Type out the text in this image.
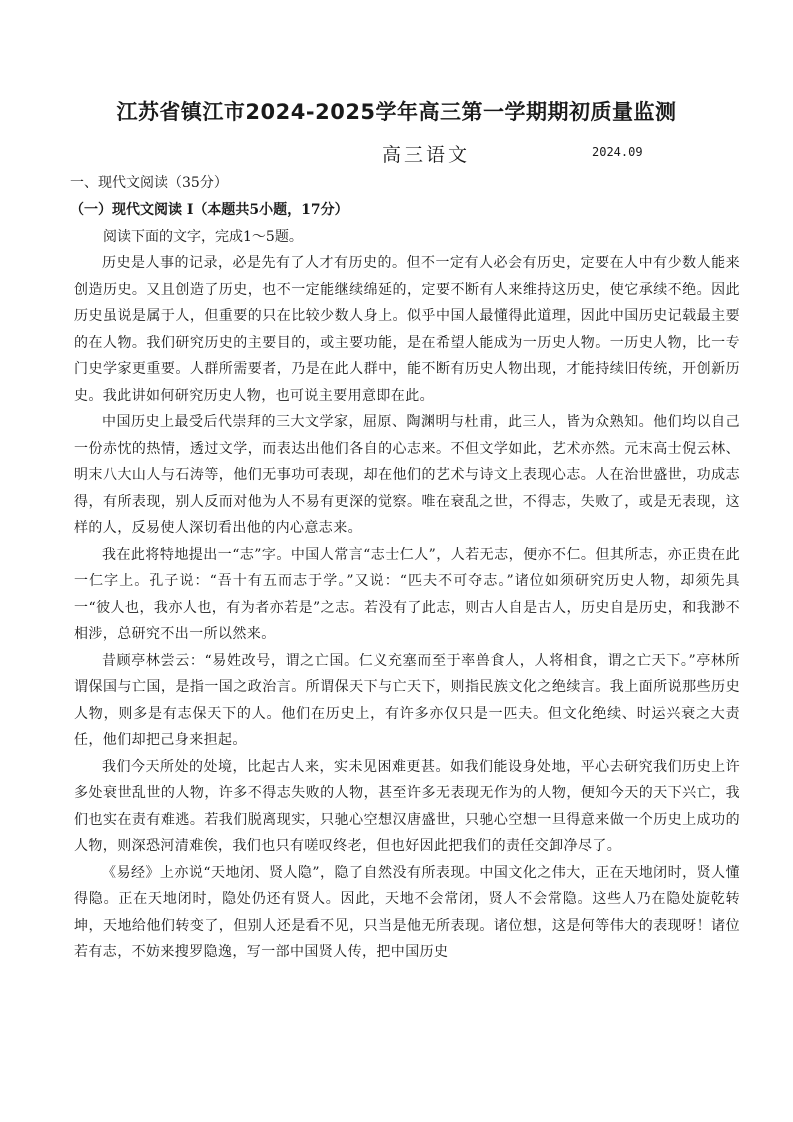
江苏省镇江市2024-2025学年高三第一学期期初质量监测
高三语文	2024.09
一、现代文阅读（35分）
（一）现代文阅读 I（本题共5小题，17分）
阅读下面的文字，完成1～5题。

历史是人事的记录，必是先有了人才有历史的。但不一定有人必会有历史，定要在人中有少数人能来创造历史。又且创造了历史，也不一定能继续绵延的，定要不断有人来维持这历史，使它承续不绝。因此历史虽说是属于人，但重要的只在比较少数人身上。似乎中国人最懂得此道理，因此中国历史记载最主要的在人物。我们研究历史的主要目的，或主要功能，是在希望人能成为一历史人物。一历史人物，比一专门史学家更重要。人群所需要者，乃是在此人群中，能不断有历史人物出现，才能持续旧传统，开创新历史。我此讲如何研究历史人物，也可说主要用意即在此。

中国历史上最受后代崇拜的三大文学家，屈原、陶渊明与杜甫，此三人，皆为众熟知。他们均以自己一份赤忱的热情，透过文学，而表达出他们各自的心志来。不但文学如此，艺术亦然。元末高士倪云林、明末八大山人与石涛等，他们无事功可表现，却在他们的艺术与诗文上表现心志。人在治世盛世，功成志得，有所表现，别人反而对他为人不易有更深的觉察。唯在衰乱之世，不得志，失败了，或是无表现，这样的人，反易使人深切看出他的内心意志来。

我在此将特地提出一“志”字。中国人常言“志士仁人”，人若无志，便亦不仁。但其所志，亦正贵在此一仁字上。孔子说：“吾十有五而志于学。”又说：“匹夫不可夺志。”诸位如须研究历史人物，却须先具一“彼人也，我亦人也，有为者亦若是”之志。若没有了此志，则古人自是古人，历史自是历史，和我渺不相涉，总研究不出一所以然来。

昔顾亭林尝云：“易姓改号，谓之亡国。仁义充塞而至于率兽食人，人将相食，谓之亡天下。”亭林所谓保国与亡国，是指一国之政治言。所谓保天下与亡天下，则指民族文化之绝续言。我上面所说那些历史人物，则多是有志保天下的人。他们在历史上，有许多亦仅只是一匹夫。但文化绝续、时运兴衰之大责任，他们却把己身来担起。

我们今天所处的处境，比起古人来，实未见困难更甚。如我们能设身处地，平心去研究我们历史上许多处衰世乱世的人物，许多不得志失败的人物，甚至许多无表现无作为的人物，便知今天的天下兴亡，我们也实在责有难逃。若我们脱离现实，只驰心空想汉唐盛世，只驰心空想一旦得意来做一个历史上成功的人物，则深恐河清难俟，我们也只有嗟叹终老，但也好因此把我们的责任交卸净尽了。

《易经》上亦说“天地闭、贤人隐”，隐了自然没有所表现。中国文化之伟大，正在天地闭时，贤人懂得隐。正在天地闭时，隐处仍还有贤人。因此，天地不会常闭，贤人不会常隐。这些人乃在隐处旋乾转坤，天地给他们转变了，但别人还是看不见，只当是他无所表现。诸位想，这是何等伟大的表现呀！诸位若有志，不妨来搜罗隐逸，写一部中国贤人传，把中国历史
